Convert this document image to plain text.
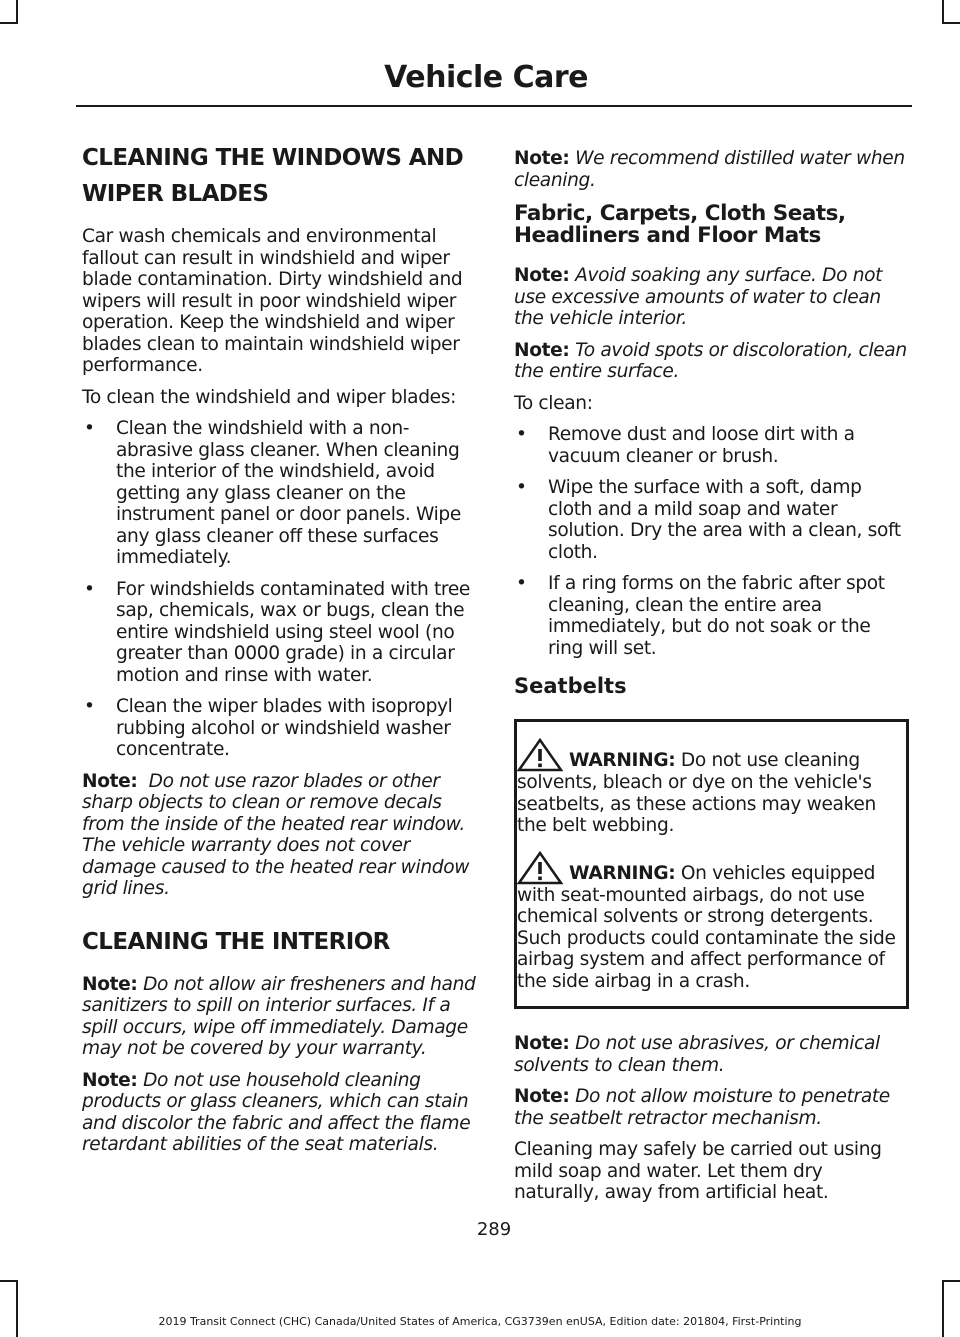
Vehicle Care
CLEANING THE WINDOWS AND WIPER BLADES

Car wash chemicals and environmental fallout can result in windshield and wiper blade contamination. Dirty windshield and wipers will result in poor windshield wiper operation. Keep the windshield and wiper blades clean to maintain windshield wiper performance.

To clean the windshield and wiper blades:

• Clean the windshield with a non-abrasive glass cleaner. When cleaning the interior of the windshield, avoid getting any glass cleaner on the instrument panel or door panels. Wipe any glass cleaner off these surfaces immediately.
• For windshields contaminated with tree sap, chemicals, wax or bugs, clean the entire windshield using steel wool (no greater than 0000 grade) in a circular motion and rinse with water.
• Clean the wiper blades with isopropyl rubbing alcohol or windshield washer concentrate.

Note: Do not use razor blades or other sharp objects to clean or remove decals from the inside of the heated rear window. The vehicle warranty does not cover damage caused to the heated rear window grid lines.

CLEANING THE INTERIOR

Note: Do not allow air fresheners and hand sanitizers to spill on interior surfaces. If a spill occurs, wipe off immediately. Damage may not be covered by your warranty.

Note: Do not use household cleaning products or glass cleaners, which can stain and discolor the fabric and affect the flame retardant abilities of the seat materials.

Note: We recommend distilled water when cleaning.

Fabric, Carpets, Cloth Seats, Headliners and Floor Mats

Note: Avoid soaking any surface. Do not use excessive amounts of water to clean the vehicle interior.

Note: To avoid spots or discoloration, clean the entire surface.

To clean:

• Remove dust and loose dirt with a vacuum cleaner or brush.
• Wipe the surface with a soft, damp cloth and a mild soap and water solution. Dry the area with a clean, soft cloth.
• If a ring forms on the fabric after spot cleaning, clean the entire area immediately, but do not soak or the ring will set.
Seatbelts

WARNING: Do not use cleaning solvents, bleach or dye on the vehicle's seatbelts, as these actions may weaken the belt webbing.

WARNING: On vehicles equipped with seat-mounted airbags, do not use chemical solvents or strong detergents. Such products could contaminate the side airbag system and affect performance of the side airbag in a crash.

Note: Do not use abrasives, or chemical solvents to clean them.

Note: Do not allow moisture to penetrate the seatbelt retractor mechanism.

Cleaning may safely be carried out using mild soap and water. Let them dry naturally, away from artificial heat.

289
2019 Transit Connect (CHC) Canada/United States of America, CG3739en enUSA, Edition date: 201804, First-Printing
